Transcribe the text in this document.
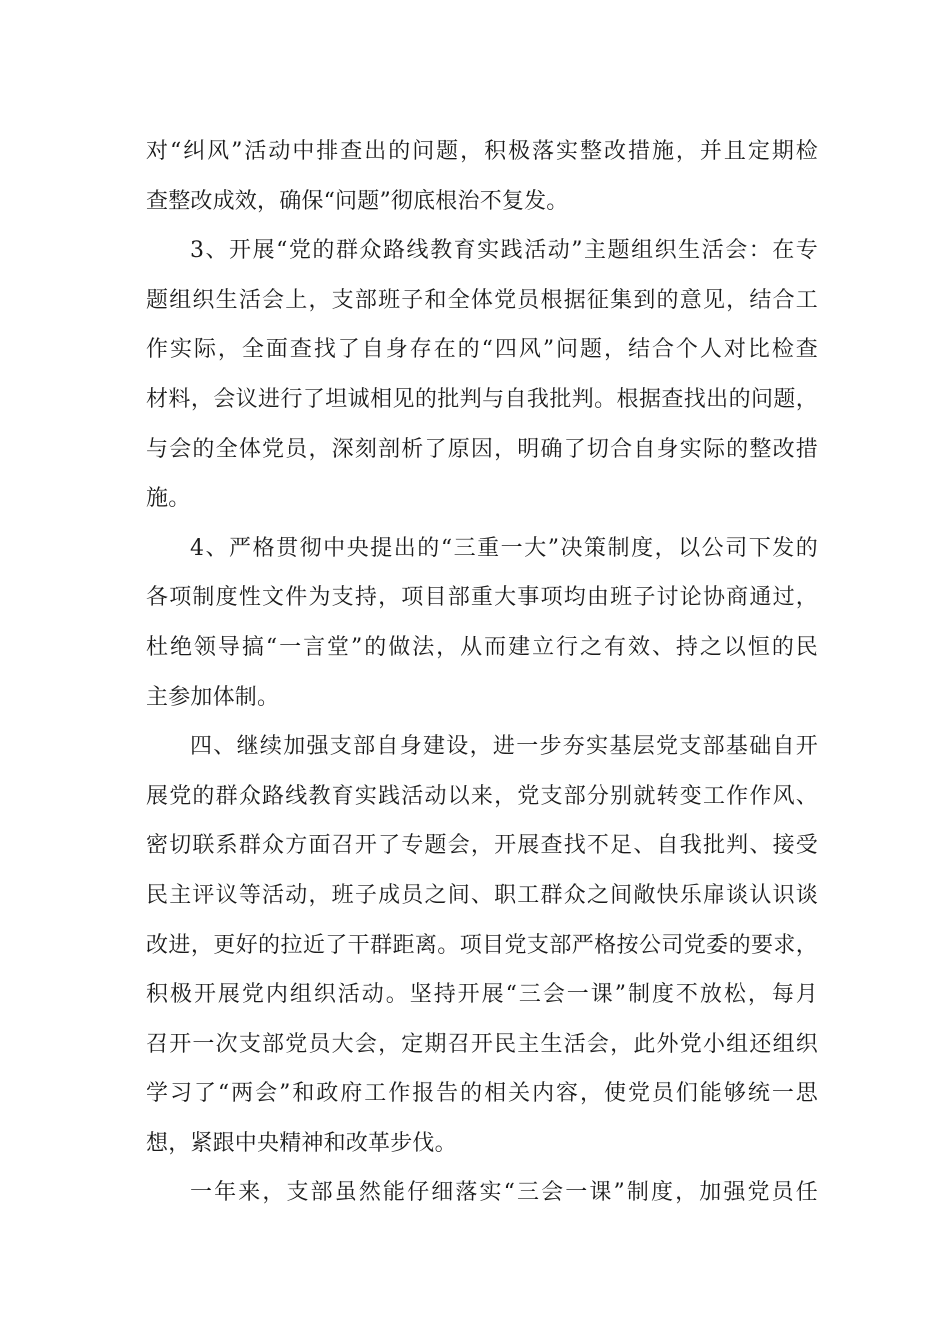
对“纠风”活动中排查出的问题，积极落实整改措施，并且定期检
查整改成效，确保“问题”彻底根治不复发。
3、开展“党的群众路线教育实践活动”主题组织生活会：在专
题组织生活会上，支部班子和全体党员根据征集到的意见，结合工
作实际，全面查找了自身存在的“四风”问题，结合个人对比检查
材料，会议进行了坦诚相见的批判与自我批判。根据查找出的问题，
与会的全体党员，深刻剖析了原因，明确了切合自身实际的整改措
施。
4、严格贯彻中央提出的“三重一大”决策制度，以公司下发的
各项制度性文件为支持，项目部重大事项均由班子讨论协商通过，
杜绝领导搞“一言堂”的做法，从而建立行之有效、持之以恒的民
主参加体制。
四、继续加强支部自身建设，进一步夯实基层党支部基础自开
展党的群众路线教育实践活动以来，党支部分别就转变工作作风、
密切联系群众方面召开了专题会，开展查找不足、自我批判、接受
民主评议等活动，班子成员之间、职工群众之间敞快乐扉谈认识谈
改进，更好的拉近了干群距离。项目党支部严格按公司党委的要求，
积极开展党内组织活动。坚持开展“三会一课”制度不放松，每月
召开一次支部党员大会，定期召开民主生活会，此外党小组还组织
学习了“两会”和政府工作报告的相关内容，使党员们能够统一思
想，紧跟中央精神和改革步伐。
一年来，支部虽然能仔细落实“三会一课”制度，加强党员任
